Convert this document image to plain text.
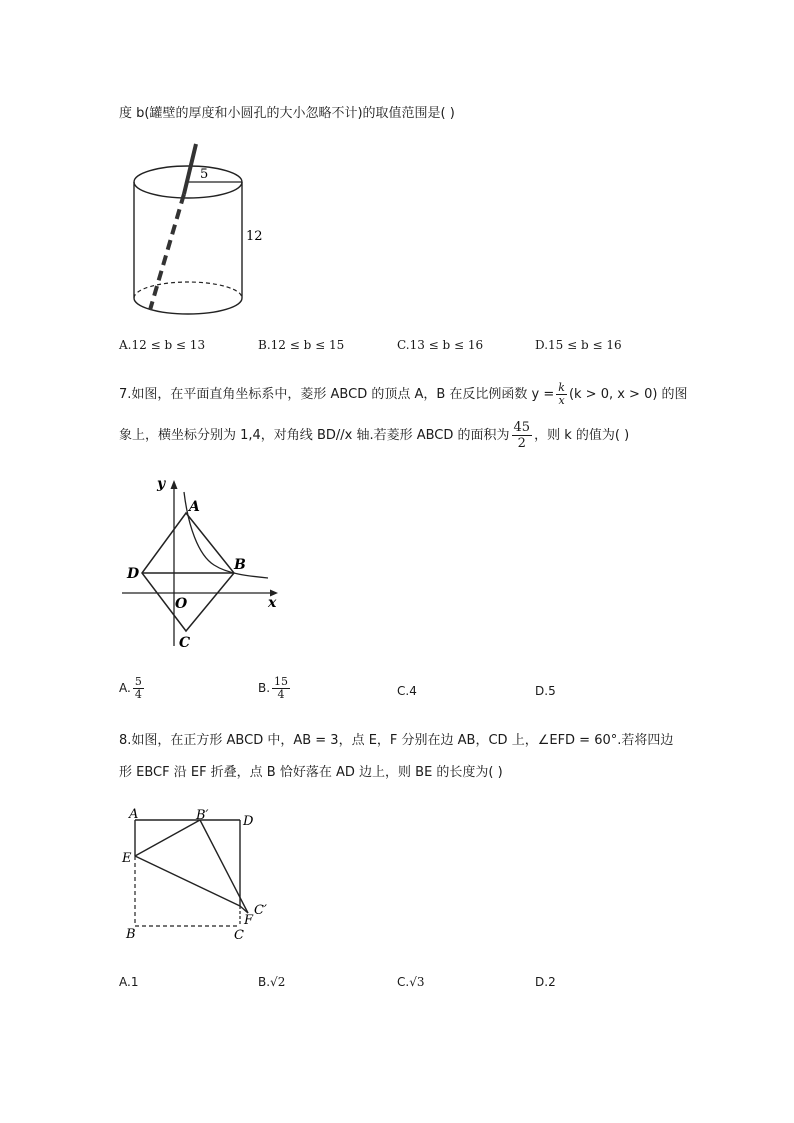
度 b(罐壁的厚度和小圆孔的大小忽略不计)的取值范围是( )
5
12
A.12 ≤ b ≤ 13	B.12 ≤ b ≤ 15	C.13 ≤ b ≤ 16	D.15 ≤ b ≤ 16
7.如图，在平面直角坐标系中，菱形 ABCD 的顶点 A，B 在反比例函数 $y = \frac{k}{x} (k > 0$, x > 0) 的图
象上，横坐标分别为 1,4，对角线 BD//x 轴.若菱形 ABCD 的面积为 $\frac{45}{2}$ ，则 k 的值为( )
y
A
B
D
O	x
C
A. $\frac{5}{4}$	B. $\frac{15}{4}$	C.4	D.5
8.如图，在正方形 ABCD 中，AB = 3，点 E，F 分别在边 AB，CD 上，∠EFD = 60°.若将四边
形 EBCF 沿 EF 折叠，点 B 恰好落在 AD 边上，则 BE 的长度为( )
A	B′	D
E
C′
F
B	C
A.1	B.√2	C.√3	D.2
